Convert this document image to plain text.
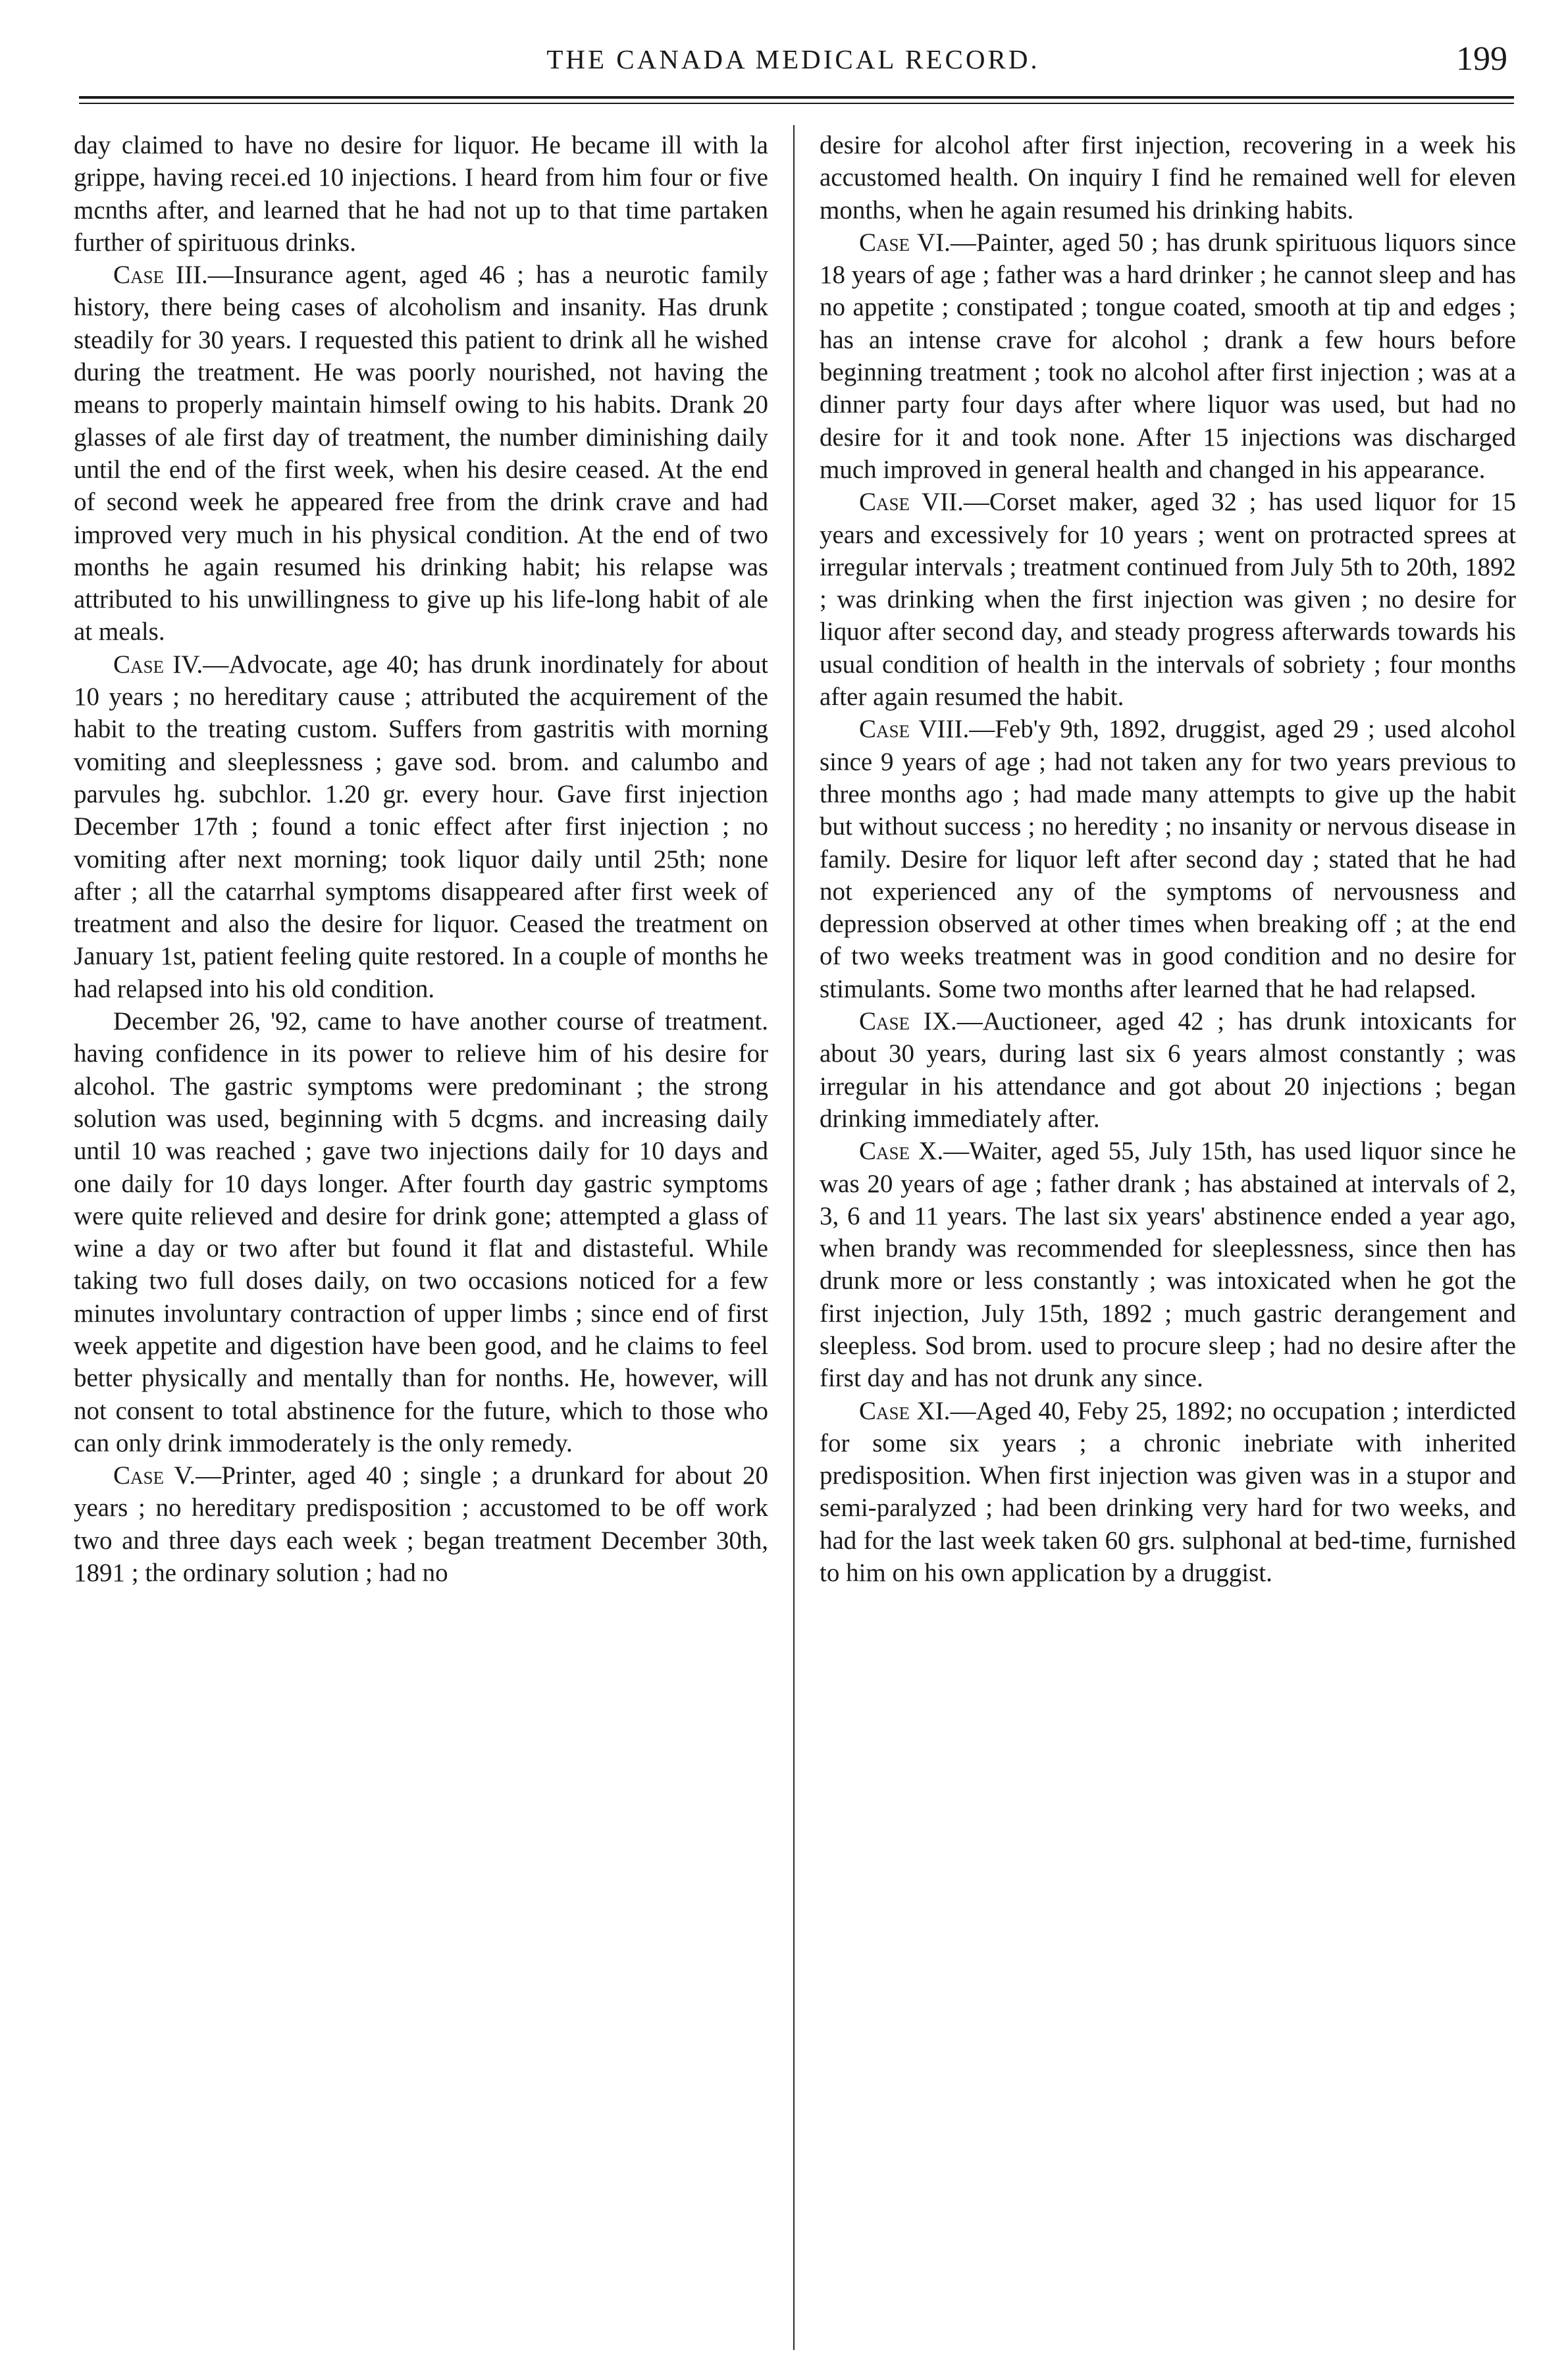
THE CANADA MEDICAL RECORD.	199

day claimed to have no desire for liquor. He became ill with la grippe, having recei.ed 10 injections. I heard from him four or five mcnths after, and learned that he had not up to that time partaken further of spirituous drinks.

Case III.—Insurance agent, aged 46 ; has a neurotic family history, there being cases of alcoholism and insanity. Has drunk steadily for 30 years. I requested this patient to drink all he wished during the treatment. He was poorly nourished, not having the means to properly maintain himself owing to his habits. Drank 20 glasses of ale first day of treatment, the number diminishing daily until the end of the first week, when his desire ceased. At the end of second week he appeared free from the drink crave and had improved very much in his physical condition. At the end of two months he again resumed his drinking habit; his relapse was attributed to his unwillingness to give up his life-long habit of ale at meals.

Case IV.—Advocate, age 40; has drunk inordinately for about 10 years ; no hereditary cause ; attributed the acquirement of the habit to the treating custom. Suffers from gastritis with morning vomiting and sleeplessness ; gave sod. brom. and calumbo and parvules hg. subchlor. 1.20 gr. every hour. Gave first injection December 17th ; found a tonic effect after first injection ; no vomiting after next morning; took liquor daily until 25th; none after ; all the catarrhal symptoms disappeared after first week of treatment and also the desire for liquor. Ceased the treatment on January 1st, patient feeling quite restored. In a couple of months he had relapsed into his old condition.

December 26, '92, came to have another course of treatment. having confidence in its power to relieve him of his desire for alcohol. The gastric symptoms were predominant ; the strong solution was used, beginning with 5 dcgms. and increasing daily until 10 was reached ; gave two injections daily for 10 days and one daily for 10 days longer. After fourth day gastric symptoms were quite relieved and desire for drink gone; attempted a glass of wine a day or two after but found it flat and distasteful. While taking two full doses daily, on two occasions noticed for a few minutes involuntary contraction of upper limbs ; since end of first week appetite and digestion have been good, and he claims to feel better physically and mentally than for nonths. He, however, will not consent to total abstinence for the future, which to those who can only drink immoderately is the only remedy.

Case V.—Printer, aged 40 ; single ; a drunkard for about 20 years ; no hereditary predisposition ; accustomed to be off work two and three days each week ; began treatment December 30th, 1891 ; the ordinary solution ; had no

desire for alcohol after first injection, recovering in a week his accustomed health. On inquiry I find he remained well for eleven months, when he again resumed his drinking habits.

Case VI.—Painter, aged 50 ; has drunk spirituous liquors since 18 years of age ; father was a hard drinker ; he cannot sleep and has no appetite ; constipated ; tongue coated, smooth at tip and edges ; has an intense crave for alcohol ; drank a few hours before beginning treatment ; took no alcohol after first injection ; was at a dinner party four days after where liquor was used, but had no desire for it and took none. After 15 injections was discharged much improved in general health and changed in his appearance.

Case VII.—Corset maker, aged 32 ; has used liquor for 15 years and excessively for 10 years ; went on protracted sprees at irregular intervals ; treatment continued from July 5th to 20th, 1892 ; was drinking when the first injection was given ; no desire for liquor after second day, and steady progress afterwards towards his usual condition of health in the intervals of sobriety ; four months after again resumed the habit.

Case VIII.—Feb'y 9th, 1892, druggist, aged 29 ; used alcohol since 9 years of age ; had not taken any for two years previous to three months ago ; had made many attempts to give up the habit but without success ; no heredity ; no insanity or nervous disease in family. Desire for liquor left after second day ; stated that he had not experienced any of the symptoms of nervousness and depression observed at other times when breaking off ; at the end of two weeks treatment was in good condition and no desire for stimulants. Some two months after learned that he had relapsed.

Case IX.—Auctioneer, aged 42 ; has drunk intoxicants for about 30 years, during last six 6 years almost constantly ; was irregular in his attendance and got about 20 injections ; began drinking immediately after.

Case X.—Waiter, aged 55, July 15th, has used liquor since he was 20 years of age ; father drank ; has abstained at intervals of 2, 3, 6 and 11 years. The last six years' abstinence ended a year ago, when brandy was recommended for sleeplessness, since then has drunk more or less constantly ; was intoxicated when he got the first injection, July 15th, 1892 ; much gastric derangement and sleepless. Sod brom. used to procure sleep ; had no desire after the first day and has not drunk any since.

Case XI.—Aged 40, Feby 25, 1892; no occupation ; interdicted for some six years ; a chronic inebriate with inherited predisposition. When first injection was given was in a stupor and semi-paralyzed ; had been drinking very hard for two weeks, and had for the last week taken 60 grs. sulphonal at bed-time, furnished to him on his own application by a druggist.
